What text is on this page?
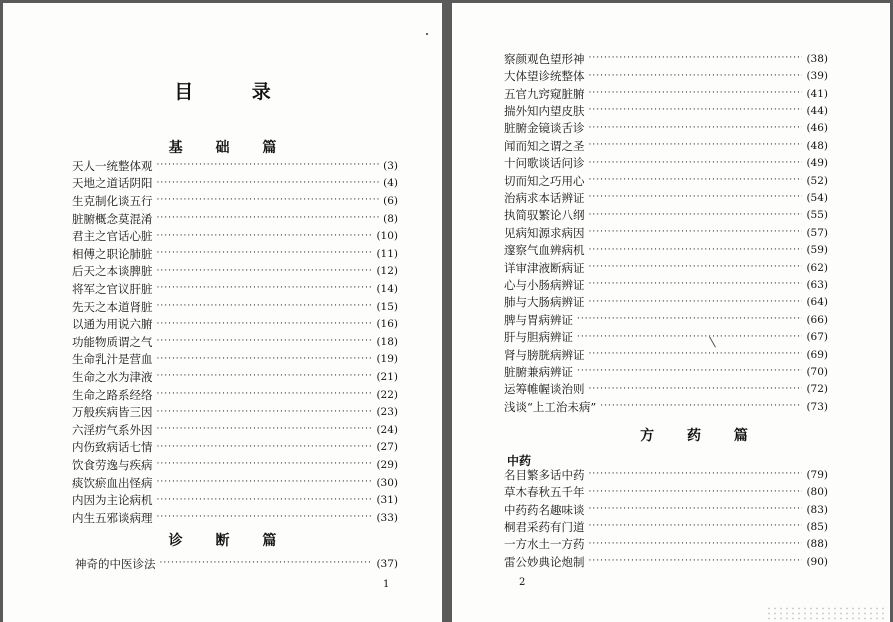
目 录
基 础 篇
天人一统整体观 ·····	(3)
天地之道话阴阳 ·····	(4)
生克制化谈五行 ·····	(6)
脏腑概念莫混淆 ·····	(8)
君主之官话心脏 ·····	(10)
相傅之职论肺脏 ·····	(11)
后天之本谈脾脏 ·····	(12)
将军之官议肝脏 ·····	(14)
先天之本道肾脏 ·····	(15)
以通为用说六腑 ·····	(16)
功能物质谓之气 ·····	(18)
生命乳汁是营血 ·····	(19)
生命之水为津液 ·····	(21)
生命之路系经络 ·····	(22)
万般疾病皆三因 ·····	(23)
六淫疠气系外因 ·····	(24)
内伤致病话七情 ·····	(27)
饮食劳逸与疾病 ·····	(29)
痰饮瘀血出怪病 ·····	(30)
内因为主论病机 ·····	(31)
内生五邪谈病理 ·····	(33)
诊 断 篇
神奇的中医诊法 ·····	(37)
1
察颜观色望形神 ·····	(38)
大体望诊统整体 ·····	(39)
五官九窍窥脏腑 ·····	(41)
揣外知内望皮肤 ·····	(44)
脏腑金镜谈舌诊 ·····	(46)
闻而知之谓之圣 ·····	(48)
十问歌谈话问诊 ·····	(49)
切而知之巧用心 ·····	(52)
治病求本话辨证 ·····	(54)
执简驭繁论八纲 ·····	(55)
见病知源求病因 ·····	(57)
邃察气血辨病机 ·····	(59)
详审津液断病证 ·····	(62)
心与小肠病辨证 ·····	(63)
肺与大肠病辨证 ·····	(64)
脾与胃病辨证 ·····	(66)
肝与胆病辨证 ·····	(67)
肾与膀胱病辨证 ·····	(69)
脏腑兼病辨证 ·····	(70)
运筹帷幄谈治则 ·····	(72)
浅谈“上工治未病” ·····	(73)
方 药 篇
中药
名目繁多话中药 ·····	(79)
草木春秋五千年 ·····	(80)
中药药名趣味谈 ·····	(83)
桐君采药有门道 ·····	(85)
一方水土一方药 ·····	(88)
雷公妙典论炮制 ·····	(90)
2
